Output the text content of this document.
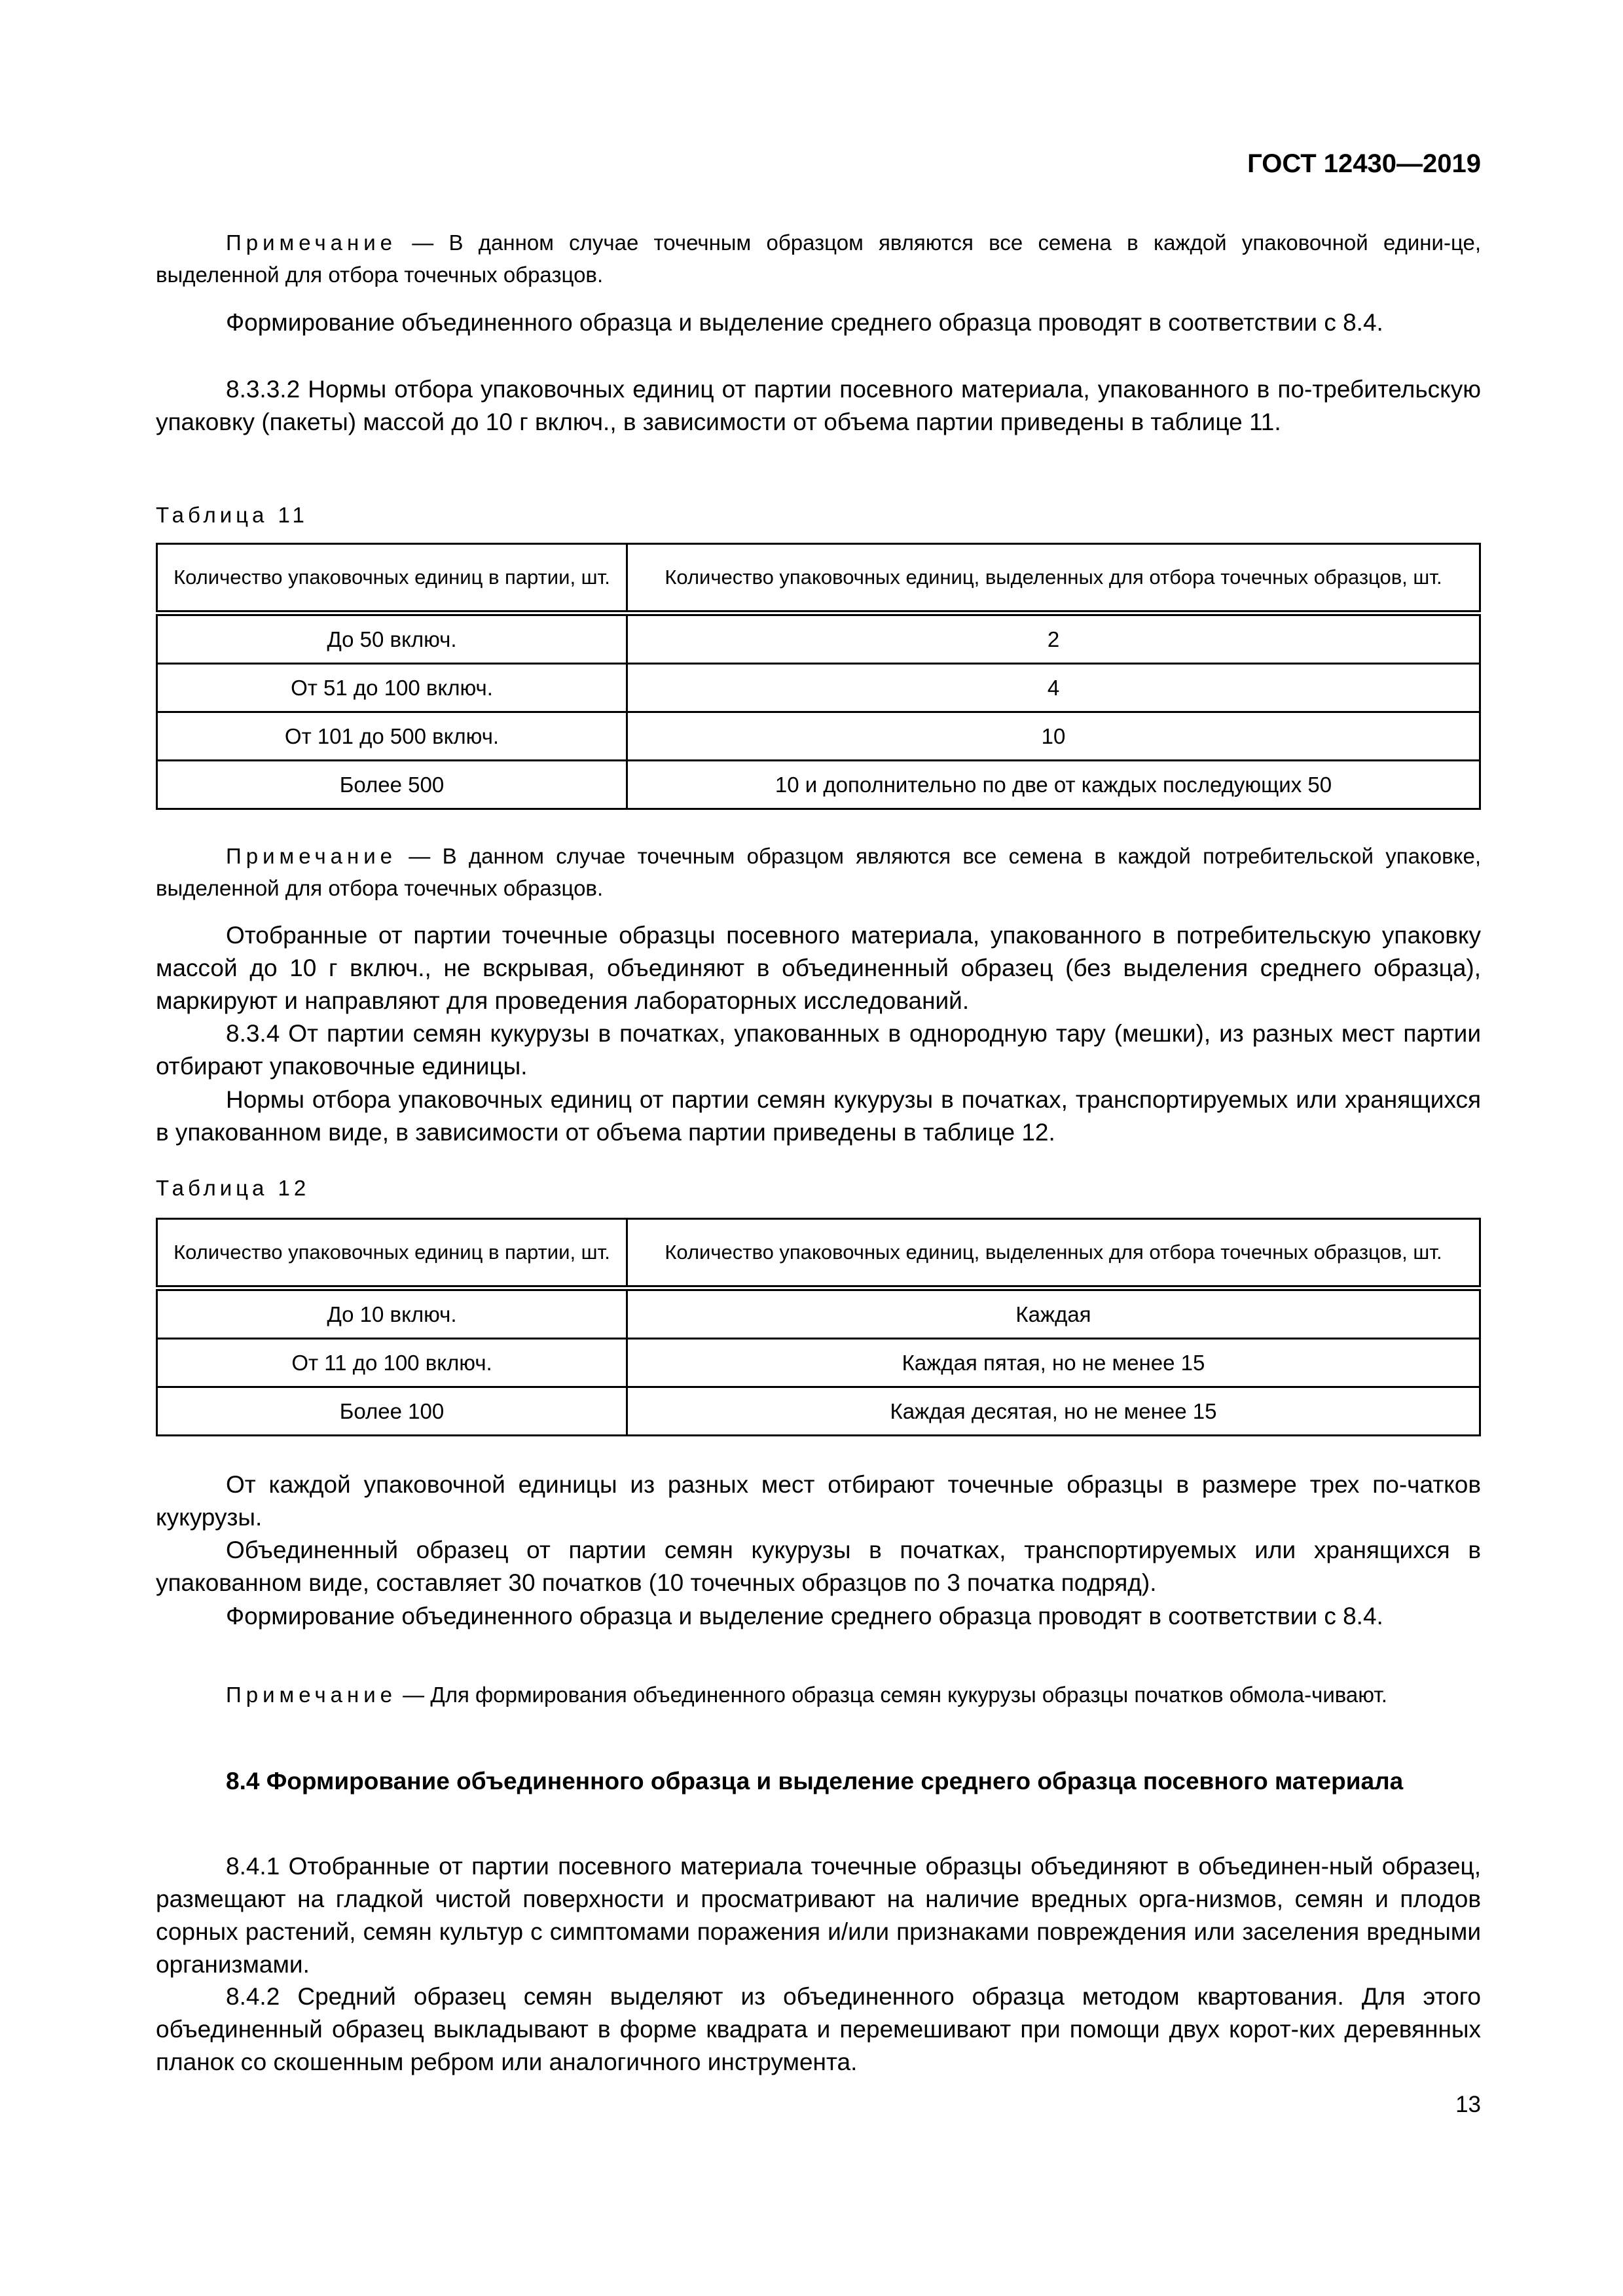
ГОСТ 12430—2019

Примечание — В данном случае точечным образцом являются все семена в каждой упаковочной едини-це, выделенной для отбора точечных образцов.

Формирование объединенного образца и выделение среднего образца проводят в соответствии с 8.4.

8.3.3.2 Нормы отбора упаковочных единиц от партии посевного материала, упакованного в по-требительскую упаковку (пакеты) массой до 10 г включ., в зависимости от объема партии приведены в таблице 11.

Таблица 11
Количество упаковочных единиц в партии, шт.	Количество упаковочных единиц, выделенных для отбора точечных образцов, шт.
До 50 включ.	2
От 51 до 100 включ.	4
От 101 до 500 включ.	10
Более 500	10 и дополнительно по две от каждых последующих 50

Примечание — В данном случае точечным образцом являются все семена в каждой потребительской упаковке, выделенной для отбора точечных образцов.

Отобранные от партии точечные образцы посевного материала, упакованного в потребительскую упаковку массой до 10 г включ., не вскрывая, объединяют в объединенный образец (без выделения среднего образца), маркируют и направляют для проведения лабораторных исследований.

8.3.4 От партии семян кукурузы в початках, упакованных в однородную тару (мешки), из разных мест партии отбирают упаковочные единицы.

Нормы отбора упаковочных единиц от партии семян кукурузы в початках, транспортируемых или хранящихся в упакованном виде, в зависимости от объема партии приведены в таблице 12.

Таблица 12
Количество упаковочных единиц в партии, шт.	Количество упаковочных единиц, выделенных для отбора точечных образцов, шт.
До 10 включ.	Каждая
От 11 до 100 включ.	Каждая пятая, но не менее 15
Более 100	Каждая десятая, но не менее 15

От каждой упаковочной единицы из разных мест отбирают точечные образцы в размере трех по-чатков кукурузы.

Объединенный образец от партии семян кукурузы в початках, транспортируемых или хранящихся в упакованном виде, составляет 30 початков (10 точечных образцов по 3 початка подряд).

Формирование объединенного образца и выделение среднего образца проводят в соответствии с 8.4.

Примечание — Для формирования объединенного образца семян кукурузы образцы початков обмола-чивают.

8.4 Формирование объединенного образца и выделение среднего образца посевного материала

8.4.1 Отобранные от партии посевного материала точечные образцы объединяют в объединен-ный образец, размещают на гладкой чистой поверхности и просматривают на наличие вредных орга-низмов, семян и плодов сорных растений, семян культур с симптомами поражения и/или признаками повреждения или заселения вредными организмами.

8.4.2 Средний образец семян выделяют из объединенного образца методом квартования. Для этого объединенный образец выкладывают в форме квадрата и перемешивают при помощи двух корот-ких деревянных планок со скошенным ребром или аналогичного инструмента.

13
